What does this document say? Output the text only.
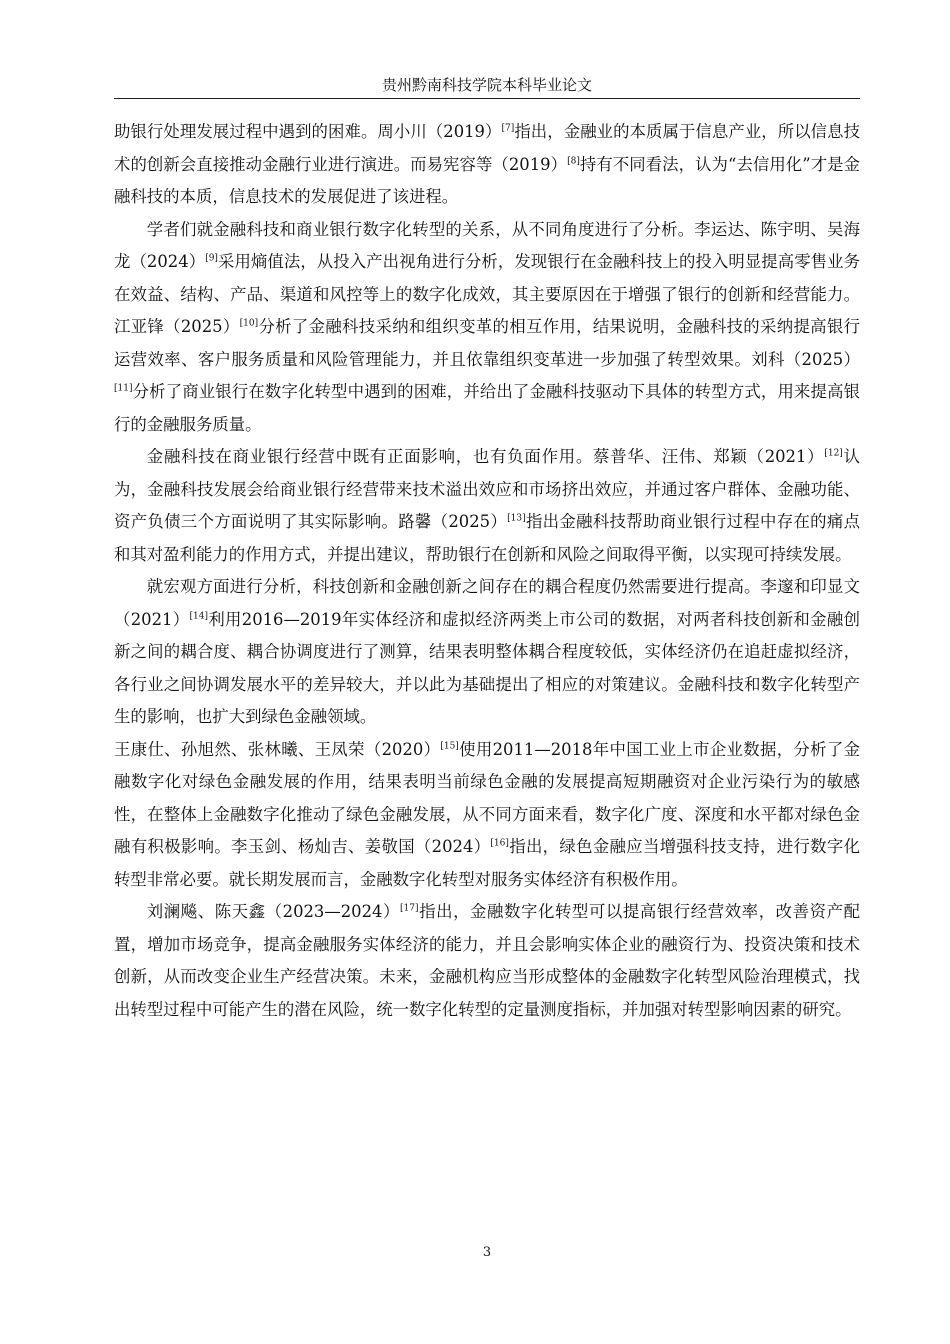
贵州黔南科技学院本科毕业论文

助银行处理发展过程中遇到的困难。周小川（2019）[7]指出，金融业的本质属于信息产业，所以信息技术的创新会直接推动金融行业进行演进。而易宪容等（2019）[8]持有不同看法，认为“去信用化”才是金融科技的本质，信息技术的发展促进了该进程。

学者们就金融科技和商业银行数字化转型的关系，从不同角度进行了分析。李运达、陈宇明、吴海龙（2024）[9]采用熵值法，从投入产出视角进行分析，发现银行在金融科技上的投入明显提高零售业务在效益、结构、产品、渠道和风控等上的数字化成效，其主要原因在于增强了银行的创新和经营能力。江亚锋（2025）[10]分析了金融科技采纳和组织变革的相互作用，结果说明，金融科技的采纳提高银行运营效率、客户服务质量和风险管理能力，并且依靠组织变革进一步加强了转型效果。刘科（2025）[11]分析了商业银行在数字化转型中遇到的困难，并给出了金融科技驱动下具体的转型方式，用来提高银行的金融服务质量。

金融科技在商业银行经营中既有正面影响，也有负面作用。蔡普华、汪伟、郑颖（2021）[12]认为，金融科技发展会给商业银行经营带来技术溢出效应和市场挤出效应，并通过客户群体、金融功能、资产负债三个方面说明了其实际影响。路馨（2025）[13]指出金融科技帮助商业银行过程中存在的痛点和其对盈利能力的作用方式，并提出建议，帮助银行在创新和风险之间取得平衡，以实现可持续发展。

就宏观方面进行分析，科技创新和金融创新之间存在的耦合程度仍然需要进行提高。李邃和印显文（2021）[14]利用2016—2019年实体经济和虚拟经济两类上市公司的数据，对两者科技创新和金融创新之间的耦合度、耦合协调度进行了测算，结果表明整体耦合程度较低，实体经济仍在追赶虚拟经济，各行业之间协调发展水平的差异较大，并以此为基础提出了相应的对策建议。金融科技和数字化转型产生的影响，也扩大到绿色金融领域。

王康仕、孙旭然、张林曦、王凤荣（2020）[15]使用2011—2018年中国工业上市企业数据，分析了金融数字化对绿色金融发展的作用，结果表明当前绿色金融的发展提高短期融资对企业污染行为的敏感性，在整体上金融数字化推动了绿色金融发展，从不同方面来看，数字化广度、深度和水平都对绿色金融有积极影响。李玉剑、杨灿吉、姜敬国（2024）[16]指出，绿色金融应当增强科技支持，进行数字化转型非常必要。就长期发展而言，金融数字化转型对服务实体经济有积极作用。

刘澜飚、陈天鑫（2023—2024）[17]指出，金融数字化转型可以提高银行经营效率，改善资产配置，增加市场竞争，提高金融服务实体经济的能力，并且会影响实体企业的融资行为、投资决策和技术创新，从而改变企业生产经营决策。未来，金融机构应当形成整体的金融数字化转型风险治理模式，找出转型过程中可能产生的潜在风险，统一数字化转型的定量测度指标，并加强对转型影响因素的研究。

3
